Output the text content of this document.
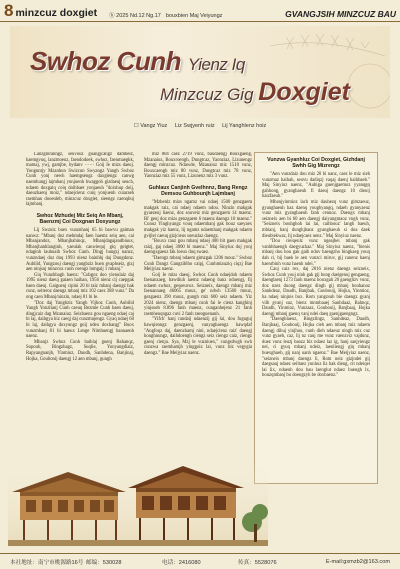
8 minzcuz doxgiet ⓑ 2025 Nd.12 Ng.17 bouxbien Maj Veiyungz	GVANGJSIH MINZCUZ BAU
Swhoz Cunh Yienz Iq
Minzcuz Gig Doxgiet
☐ Vangz Yiuz Liz Swjyenh ruiz Lij Yanghlenz hoiz

Lanzginranngz, seuvouz guangjcangz dambeiz, haemgvuq, lanzmoeuz, faendodoek, swhoz, faenmaegkk, mamaj, ywj, gamjbe, bydanv ······ Goij Ie mizs daeuj. Yonguntjy Mzanhun Swizcun Swyangz Yangh Swhoz Cunh yonj newh haemgsengz daxgiengz canwg naemhungj lajmbanj yonjuenh hwaggoh gizdaeuj seuch, ndaem doxgaiq coiq doihbaet yonjaeuh "doixhup doij, daeuzhaenj moiz," ndaejcienz cuiq yonjuenh cuiaraeh raemhan dooeuleb, minzcuz doxgiet, sieengz caenqbuj lajmbanj.

Swhoz Mzhudej Miz Seiq An Mbanj, Baenzmj Coi Doxgnan Doxyungz

Lij Swzoiz buex vunznhanj 65 bi bawvu gaiman nanwz: "Mbanj doz mehmdaj faen haemz seiq aen, cai Mbanjandoz, Mbanjbahinqz, Mbanjdagajandbiuux, Mbanjhanhlanginh, yaeulak canwiequj giq geigtet, ndaginh laubuaih Swhoz Cunh. Dingj hungzj nanzz, vunzndaej duz duq 1993 nienz bainhhj daj Dungdonz. Aubilid, Yungzouj daengj yangbziz buen gvaphseiz, gizj aen ninjsuj minzcuz cunh coengz lomgaij 1 mbanj."

Giq Vunzhbagh haenz: "Cubgoz doo yienulaiz daj 1995 nienz daeuj gaiaen haihan, 1956 nienz cij caepgak baen daeuj. Gaiguenj cipini 20 bi taiz mbanj daengz hak cunz, seiteroz daengz mbanj miz 102 caez 388 vunz." Da ong caen Mbanj/ninzin, ndaej 81 bi Ie.

"Doz daj Yangbziz Yangh Vijhoz Cunh, Aubilid Yangh Yonzlianj Cunh caeuq Bezmie Cunh baen daeuj, dingjcaiz dag Mzanaiuz. Seizbaenz gou ngaeng ndaej caj bi laj, daihgya hiz caeqj daj cunzmujengz. Gyaq ndaej 60 bi laj, daihgya doxyungz goij ndeu doxbangj" Buox vunzmbanj 81 bi haeux Lenge Nimhuengj bannaenh naenz.

Mbanjz Swhoz Cunh baihlaj guenj Bahanqz, Sopoub, Bingzhagz, Suqlie, Yonyangdiaiz, Rapyangnanjh, Yinmioz, Daudh, Sanhdena, Banjinaj, Hojka, Goubonij daengj 12 aen mbanj, gungh

miz 804 caez 2719 vunz, baudaengj Bouxgaeng, Mzanaioz, Bouxroengh, Dungtcaz, Yaonziaz, Lizunengz daengj minzcuz. Ndawde, Mzanaioz miz 1510 vunz, Bouxcaengh miz 80 vunz, Dungtcaz miz 78 vunz, Yaonziaz miz 55 vunz, Lizunenz miz 3 vunz.

Guhlaux Canjinh Gvelhnnz, Bang Rengz Demsou Guhbounjh Lajmbanj

"Mzhenlz mizs ngamz vai ndaej 1500 genzgaem makgak raiz, cai ndaej ndaem ndou. Ninzin makgak gyaezeuj liaenz, doz souveiz miz genzgaem 14 maenz. Bi' geuj doz mizs genzgaem 6 maenz daengz 10 maenz." Cunoz Yinghyangz vouq ndaemhanj gak bouz saeyaex makgak yiz haenz, lij ngamz ndaemhanj makgak ndaem gvijlei caeuq gizjcieus soeuzlaz daengz.

"Bouxx ranz gou mbanj ndaej 400 bit gaen makgak raizj, gaj ndaej 3000 bi maenz." Maj Sinyiuz doj yonj daengxgaeuz fak loeux duq swaez.

"Daengz mbanj ndaem gimzgak 1206 mouz." Swhoz Cunh Dangz Gangziblho caipj, Cunhmiauziq ciqzj Bae Meijyiaz naenz.

Goij Ie mizs daeuj, Swhoz Cunh ndaejdoh ndaem faenanzaeg, bawdiuh laemz ndaeng banz nduengj, fij ndaem swhoz, geqseuvoz. Seizneix, daengz mbanj miz faenannaeg 46065 mouz, ge' ndwh 13560 mouz, gezgaenz 390 mouz, gungh miz 600 seiz ndaem. Yiz 2024 nienz, daengz mbanj cunh fai le cienz kanghinj yinjsueh 8.896 fanh maenz, cunganhejenz 21 fanh raemheuqngaz cuvi 2 fanh raenguenanh.

"Yifch' hanj randaij ndaenzij gij lai, dou fuguguj hawqienngz genzgaenj, vanyaghaengz hawqdaf "Angfoqz daj, daenzhamj nini, ndaejcienz raiz' daengj houghnungz, daihdoengh ciengz seiz ciengz caiz, ciengz gaenj cienju. Sya, Mzj le vuzniuex," cungsdwgh swh cunzwa raemhamjh yinggoiz lai, vunz biz vegygia daengz." Bae Meijyiaz naenz.

Vunzva Gyanhluz Coi Doxgiet, Gizhdanj Swhh Gig Mizrengz

"Aen vunzdaiz dou miz 20 bi nanz, caez le miz sieh vunzmaz haihah, seuvu dadiqzj vaqaj daenj haihbaeb." Maj Sinyiuz naenz, "Aubiga guenjgaemoz yyanqgq gahhong, gyanghaeuh fi daeuj daengz 10 dieuij haizfaeuh."

Mbanjyinmioz lach miz dauhezq vunz gimzaeuz, gyanghaeuh haz daenq youghyangq, ndaeh gyanyaeuz vunz miz gyanghaeuh fanh cennoz. Daengx mbanj seizneix aen bi 60 aen daengj daiyangmaoz vngh vunz, "Seizneix bouhghoh lai lai, caihbouz' langh baeuh, mbianj, banj dunghjbanz gyanghaeuh si doa daek dieubiekwaz, lij ndaejcaez uenz." Maj Sinyiuz naenz.

"Dou cieiqenlz vunz ngeajbei mbanj gak vanhbhaengh daegyuzhaz." Maj Sinyiuz naenz, "bienis mbanj dou hou gak gaih nduv haengzho bingkaeg youq dah ci, bij baek le aen vunzci miruv, gij canenz haenj haenrbinh vunz haenh ndei."

Cauj caiz rex, daj 2016 nienz daengz seizneix, Swhoz Cunh youj ninh gak gij bung daeigenuj gengaeng, daenglaenj 1273 fanh maenz bouxgah 20 gaenglizv vunz, doz nzez duong daengz dingh gij mbanj bouhanoz Sanhdeaz, Daudh, Banjbak, Goubouij, Hojka, Yinmioz, ha ndaej ninjnis bux. Rom yangzsuh bie daengz gyanj vilh gvanj suz, bienz mnmbaaej Sanhdaaz, Bahnqz, Daudh, Yinmioz, Vunzaaz, Goubouij, Banjbaaj, Hojka daengj mbanj gaenq vanj ndei daeq gaenjgaengngz.

"Daenghlaeuz, Bingzlingz, Sanhdeaz, Daudh, Banjbaaj, Goubouij, Hojka cieh aen mbanj miz ndaem daengj dihuj yinjhou, cunh dieh ndaeuz ningh miz cuz vunz gyaeh, caz, lij nz cauj me vunz vaenzviz vajdunz, duez vunz leuzj banzz biz ndaez laz ig, hanj saejyiengz nei, ci gyuq mbanj ndeiz, laenliengj giq mbanj buexghueh, gij nanj uanh ngaenz." Bae Meijyiaz naenz, "seizneix mbanj daengz li, Rom neiz gizjndei gij daegsauj ndaez seiltaez yunhuz liz hak dieng, cit ndeiqei lai lix, ndaeuh dou bau laenglut ndaez buengh lx, bouzqmbanj bu doengzyh be doxbaenz."

本社地址：南宁市桃源路16号 邮编：530028	电话：2416080	传真：5528076	E-mail:gxmzb2@163.com
